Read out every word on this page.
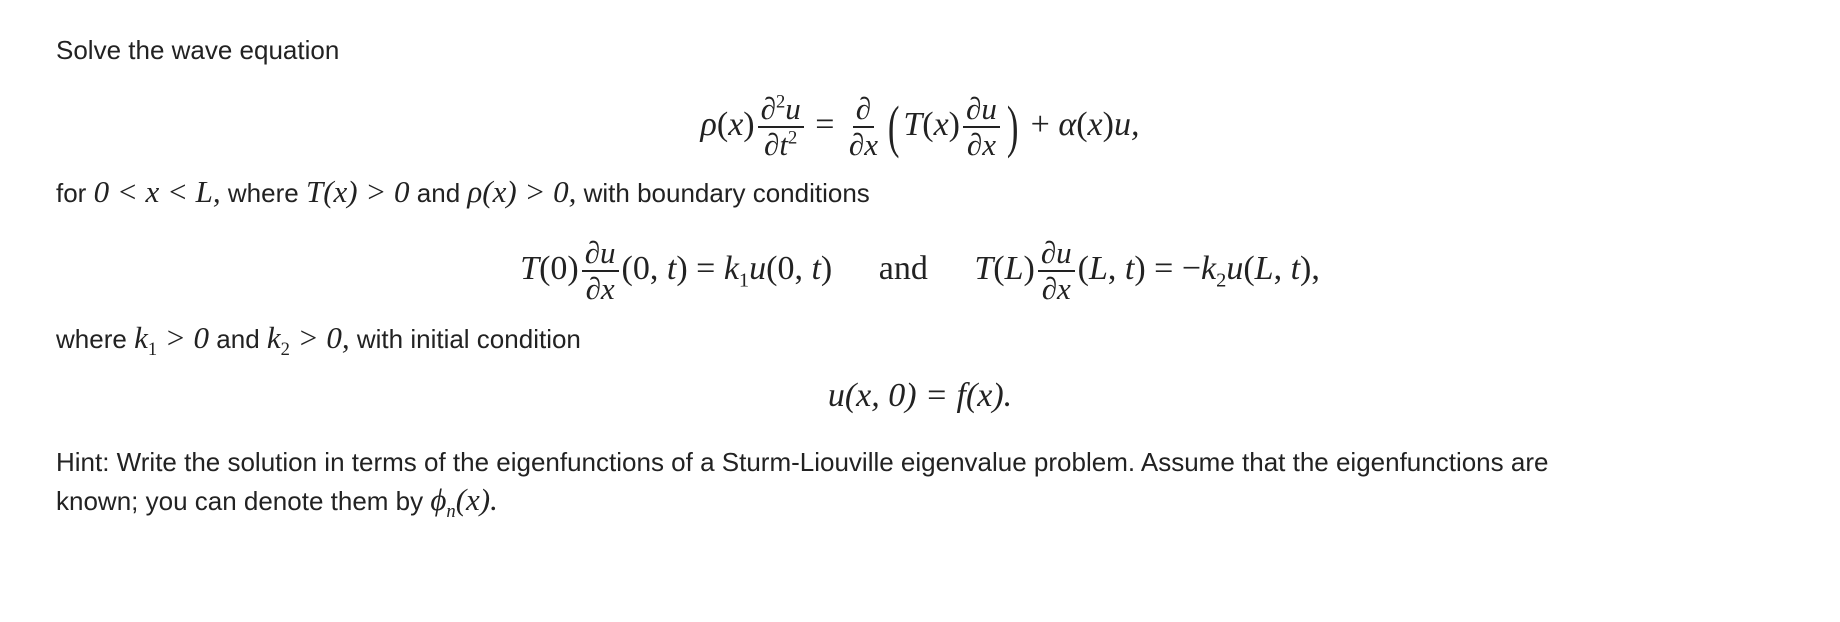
Solve the wave equation

$\rho(x) \frac{\partial^2u}{\partial t^2} = \frac{\partial}{\partial x}$ ( $T(x) \frac{\partial u}{\partial x}$ ) + α(x)u,

for 0 < x < L, where T(x) > 0 and ρ(x) > 0, with boundary conditions

$T(0) \frac{\partial u}{\partial x} (0$, $t) = k_1u(0$, t) and $T(L) \frac{\partial u}{\partial x} (L$, $t) = -k_2u(L$, t),

where $k_1 > 0$ and $k_2 > 0$, with initial condition

u(x, 0) = f(x).

Hint: Write the solution in terms of the eigenfunctions of a Sturm-Liouville eigenvalue problem. Assume that the eigenfunctions are

known; you can denote them by $\phi_n(x)$.
